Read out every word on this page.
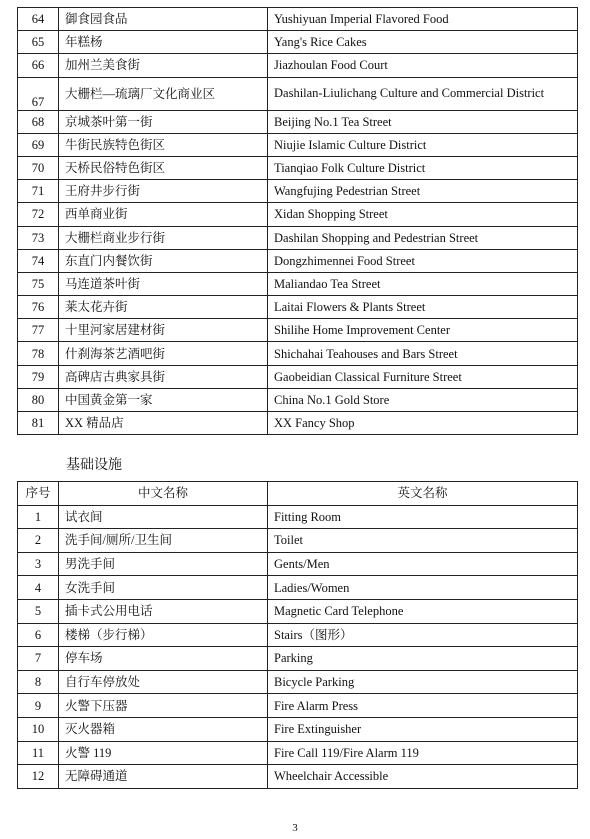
64	御食园食品	Yushiyuan Imperial Flavored Food
65	年糕杨	Yang's Rice Cakes
66	加州兰美食街	Jiazhoulan Food Court
67	大栅栏—琉璃厂文化商业区	Dashilan-Liulichang Culture and Commercial District
68	京城茶叶第一街	Beijing No.1 Tea Street
69	牛街民族特色街区	Niujie Islamic Culture District
70	天桥民俗特色街区	Tianqiao Folk Culture District
71	王府井步行街	Wangfujing Pedestrian Street
72	西单商业街	Xidan Shopping Street
73	大栅栏商业步行街	Dashilan Shopping and Pedestrian Street
74	东直门内餐饮街	Dongzhimennei Food Street
75	马连道茶叶街	Maliandao Tea Street
76	莱太花卉街	Laitai Flowers & Plants Street
77	十里河家居建材街	Shilihe Home Improvement Center
78	什刹海茶艺酒吧街	Shichahai Teahouses and Bars Street
79	高碑店古典家具街	Gaobeidian Classical Furniture Street
80	中国黄金第一家	China No.1 Gold Store
81	XX 精品店	XX Fancy Shop
基础设施
序号	中文名称	英文名称
1	试衣间	Fitting Room
2	洗手间/厕所/卫生间	Toilet
3	男洗手间	Gents/Men
4	女洗手间	Ladies/Women
5	插卡式公用电话	Magnetic Card Telephone
6	楼梯（步行梯）	Stairs（图形）
7	停车场	Parking
8	自行车停放处	Bicycle Parking
9	火警下压器	Fire Alarm Press
10	灭火器箱	Fire Extinguisher
11	火警 119	Fire Call 119/Fire Alarm 119
12	无障碍通道	Wheelchair Accessible
3
